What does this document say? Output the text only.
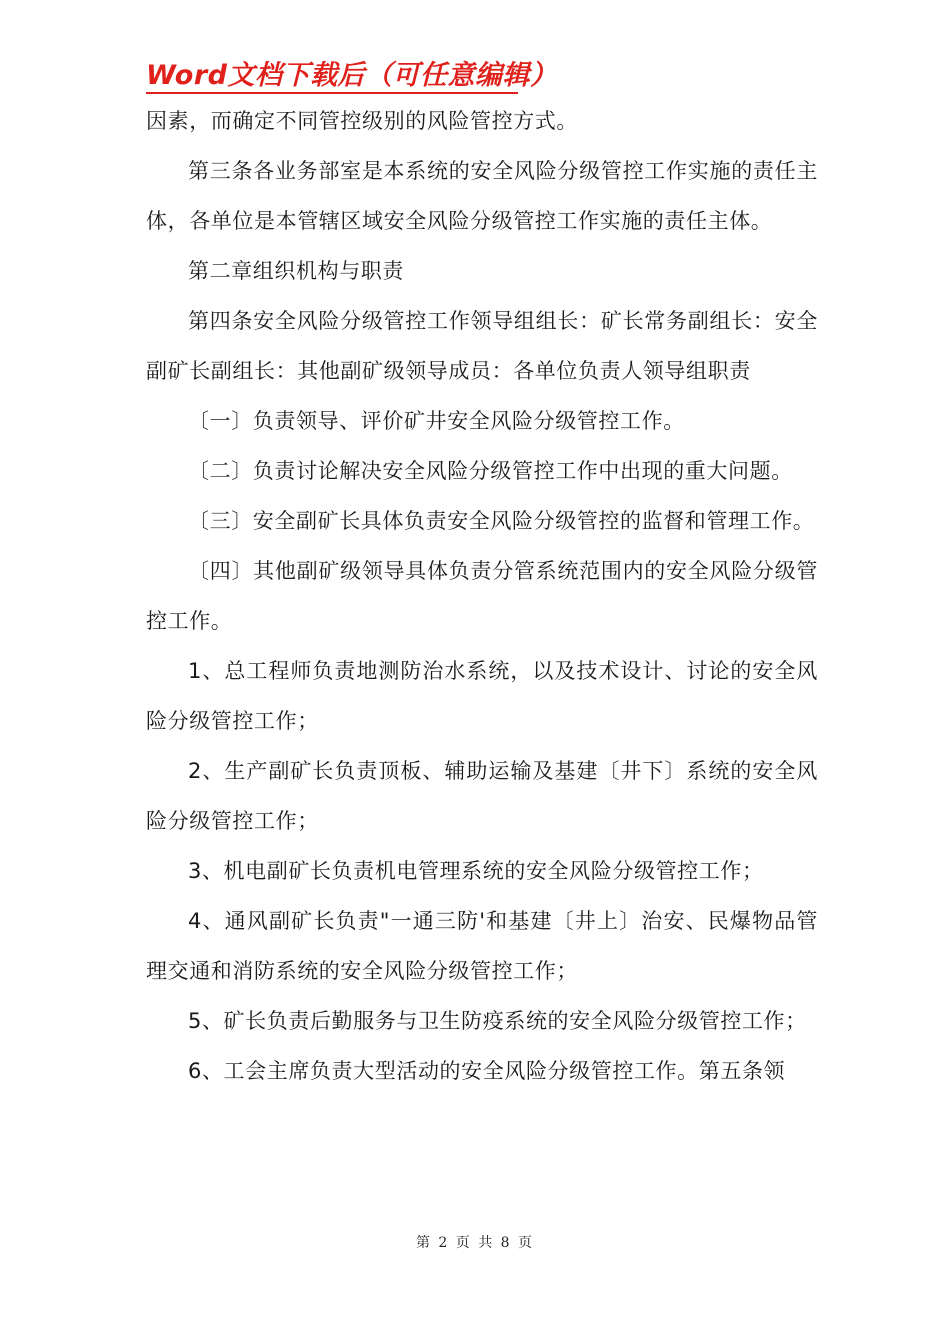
Word文档下载后（可任意编辑）

因素，而确定不同管控级别的风险管控方式。

第三条各业务部室是本系统的安全风险分级管控工作实施的责任主体，各单位是本管辖区域安全风险分级管控工作实施的责任主体。

第二章组织机构与职责

第四条安全风险分级管控工作领导组组长：矿长常务副组长：安全副矿长副组长：其他副矿级领导成员：各单位负责人领导组职责

〔一〕负责领导、评价矿井安全风险分级管控工作。

〔二〕负责讨论解决安全风险分级管控工作中出现的重大问题。

〔三〕安全副矿长具体负责安全风险分级管控的监督和管理工作。

〔四〕其他副矿级领导具体负责分管系统范围内的安全风险分级管控工作。

1、总工程师负责地测防治水系统，以及技术设计、讨论的安全风险分级管控工作；

2、生产副矿长负责顶板、辅助运输及基建〔井下〕系统的安全风险分级管控工作；

3、机电副矿长负责机电管理系统的安全风险分级管控工作；

4、通风副矿长负责"一通三防'和基建〔井上〕治安、民爆物品管理交通和消防系统的安全风险分级管控工作；

5、矿长负责后勤服务与卫生防疫系统的安全风险分级管控工作；

6、工会主席负责大型活动的安全风险分级管控工作。第五条领

第 2 页 共 8 页
